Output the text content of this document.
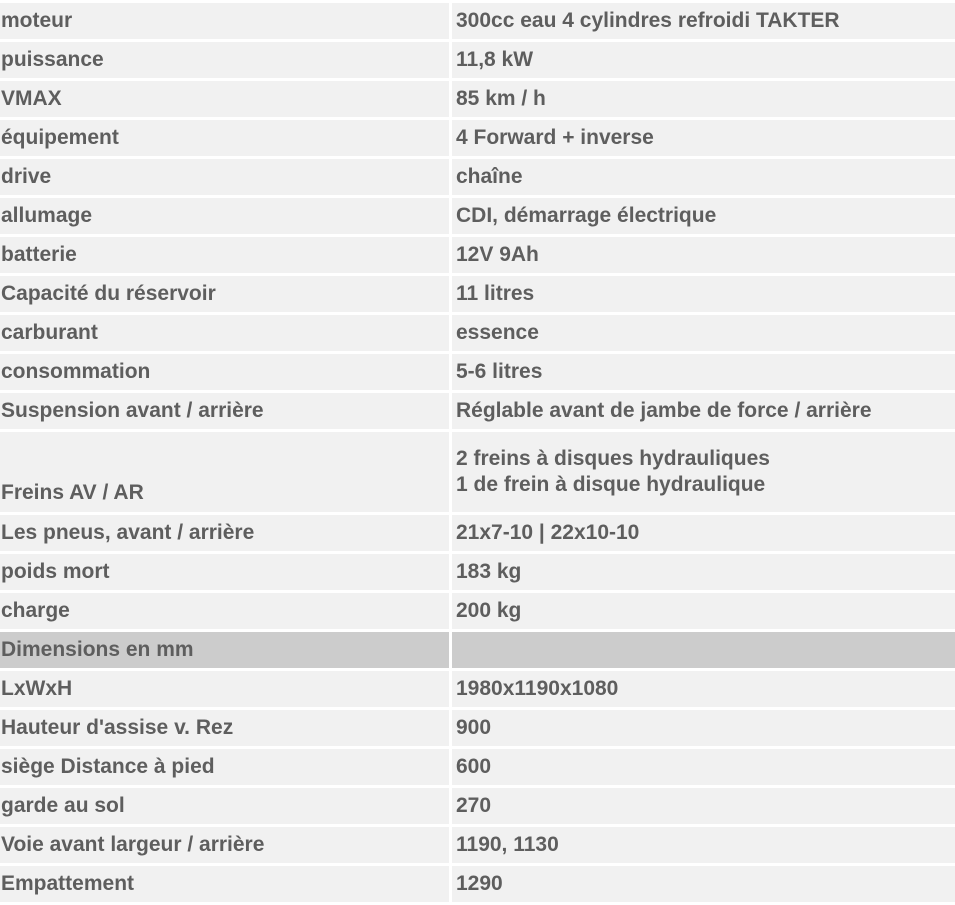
moteur	300cc eau 4 cylindres refroidi TAKTER
puissance	11,8 kW
VMAX	85 km / h
équipement	4 Forward + inverse
drive	chaîne
allumage	CDI, démarrage électrique
batterie	12V 9Ah
Capacité du réservoir	11 litres
carburant	essence
consommation	5-6 litres
Suspension avant / arrière	Réglable avant de jambe de force / arrière
Freins AV / AR	2 freins à disques hydrauliques
1 de frein à disque hydraulique

Les pneus, avant / arrière	21x7-10 | 22x10-10
poids mort	183 kg
charge	200 kg
Dimensions en mm	
LxWxH	1980x1190x1080
Hauteur d'assise v. Rez	900
siège Distance à pied	600
garde au sol	270
Voie avant largeur / arrière	1190, 1130
Empattement	1290
